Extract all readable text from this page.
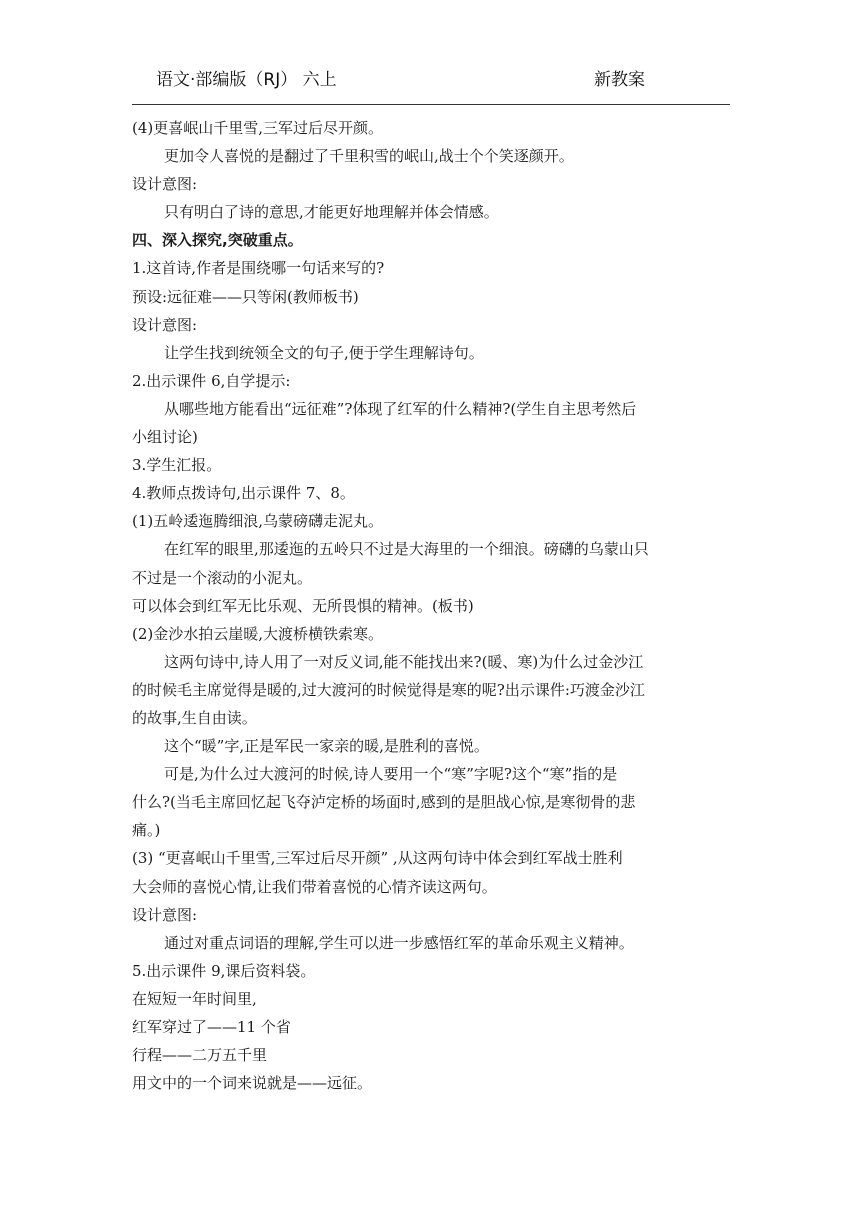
语文·部编版（RJ） 六上	新教案
(4)更喜岷山千里雪,三军过后尽开颜。
更加令人喜悦的是翻过了千里积雪的岷山,战士个个笑逐颜开。
设计意图:
只有明白了诗的意思,才能更好地理解并体会情感。
四、深入探究,突破重点。
1.这首诗,作者是围绕哪一句话来写的?
预设:远征难——只等闲(教师板书)
设计意图:
让学生找到统领全文的句子,便于学生理解诗句。
2.出示课件 6,自学提示:
从哪些地方能看出“远征难”?体现了红军的什么精神?(学生自主思考然后
小组讨论)
3.学生汇报。
4.教师点拨诗句,出示课件 7、8。
(1)五岭逶迤腾细浪,乌蒙磅礴走泥丸。
在红军的眼里,那逶迤的五岭只不过是大海里的一个细浪。磅礴的乌蒙山只
不过是一个滚动的小泥丸。
可以体会到红军无比乐观、无所畏惧的精神。(板书)
(2)金沙水拍云崖暖,大渡桥横铁索寒。
这两句诗中,诗人用了一对反义词,能不能找出来?(暖、寒)为什么过金沙江
的时候毛主席觉得是暖的,过大渡河的时候觉得是寒的呢?出示课件:巧渡金沙江
的故事,生自由读。
这个“暖”字,正是军民一家亲的暖,是胜利的喜悦。
可是,为什么过大渡河的时候,诗人要用一个“寒”字呢?这个“寒”指的是
什么?(当毛主席回忆起飞夺泸定桥的场面时,感到的是胆战心惊,是寒彻骨的悲
痛。)
(3) “更喜岷山千里雪,三军过后尽开颜” ,从这两句诗中体会到红军战士胜利
大会师的喜悦心情,让我们带着喜悦的心情齐读这两句。
设计意图:
通过对重点词语的理解,学生可以进一步感悟红军的革命乐观主义精神。
5.出示课件 9,课后资料袋。
在短短一年时间里,
红军穿过了——11 个省
行程——二万五千里
用文中的一个词来说就是——远征。
